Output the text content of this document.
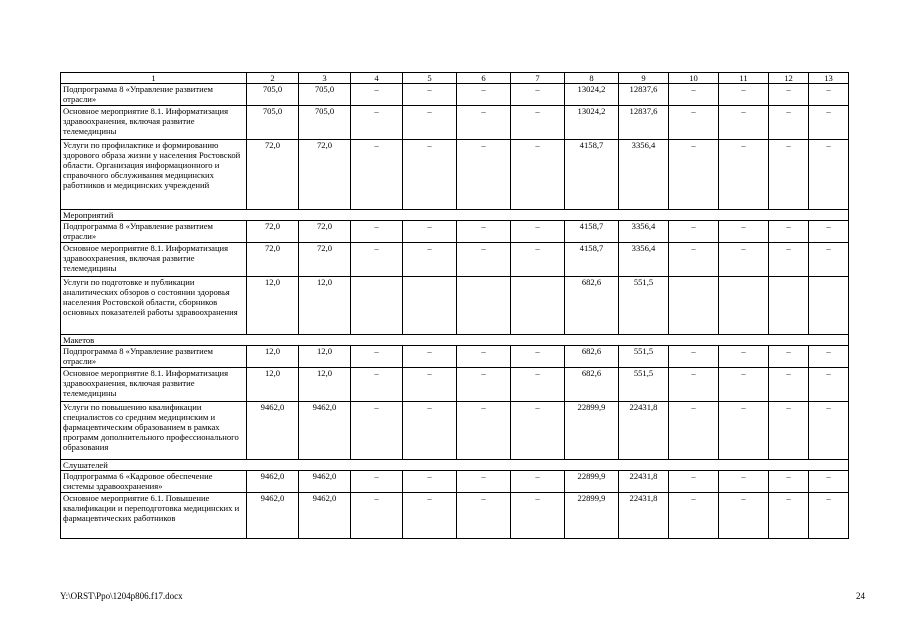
1	2	3	4	5	6	7	8	9	10	11	12	13
Подпрограмма 8 «Управление развитием отрасли»	705,0	705,0	–	–	–	–	13024,2	12837,6	–	–	–	–
Основное мероприятие 8.1. Информатизация здравоохранения, включая развитие телемедицины	705,0	705,0	–	–	–	–	13024,2	12837,6	–	–	–	–
Услуги по профилактике и формированию здорового образа жизни у населения Ростовской области. Организация информационного и справочного обслуживания медицинских работников и медицинских учреждений	72,0	72,0	–	–	–	–	4158,7	3356,4	–	–	–	–
Мероприятий												
Подпрограмма 8 «Управление развитием отрасли»	72,0	72,0	–	–	–	–	4158,7	3356,4	–	–	–	–
Основное мероприятие 8.1. Информатизация здравоохранения, включая развитие телемедицины	72,0	72,0	–	–	–	–	4158,7	3356,4	–	–	–	–
Услуги по подготовке и публикации аналитических обзоров о состоянии здоровья населения Ростовской области, сборников основных показателей работы здравоохранения	12,0	12,0					682,6	551,5				
Макетов												
Подпрограмма 8 «Управление развитием отрасли»	12,0	12,0	–	–	–	–	682,6	551,5	–	–	–	–
Основное мероприятие 8.1. Информатизация здравоохранения, включая развитие телемедицины	12,0	12,0	–	–	–	–	682,6	551,5	–	–	–	–
Услуги по повышению квалификации специалистов со средним медицинским и фармацевтическим образованием в рамках программ дополнительного профессионального образования	9462,0	9462,0	–	–	–	–	22899,9	22431,8	–	–	–	–
Слушателей												
Подпрограмма 6 «Кадровое обеспечение системы здравоохранения»	9462,0	9462,0	–	–	–	–	22899,9	22431,8	–	–	–	–
Основное мероприятие 6.1. Повышение квалификации и переподготовка медицинских и фармацевтических работников	9462,0	9462,0	–	–	–	–	22899,9	22431,8	–	–	–	–
Y:\ORST\Ppo\1204p806.f17.docx	24
